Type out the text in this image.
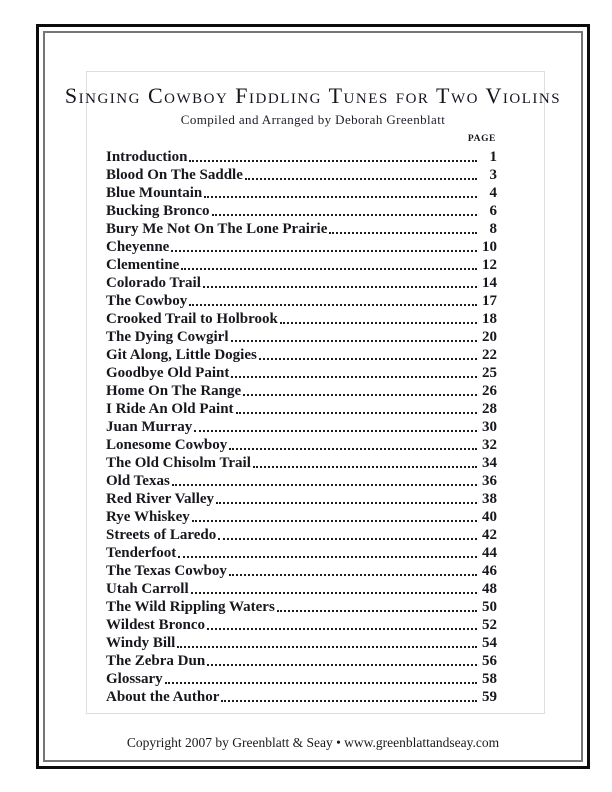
Singing Cowboy Fiddling Tunes for Two Violins
Compiled and Arranged by Deborah Greenblatt
PAGE
Introduction	1
Blood On The Saddle	3
Blue Mountain	4
Bucking Bronco	6
Bury Me Not On The Lone Prairie	8
Cheyenne	10
Clementine	12
Colorado Trail	14
The Cowboy	17
Crooked Trail to Holbrook	18
The Dying Cowgirl	20
Git Along, Little Dogies	22
Goodbye Old Paint	25
Home On The Range	26
I Ride An Old Paint	28
Juan Murray	30
Lonesome Cowboy	32
The Old Chisolm Trail	34
Old Texas	36
Red River Valley	38
Rye Whiskey	40
Streets of Laredo	42
Tenderfoot	44
The Texas Cowboy	46
Utah Carroll	48
The Wild Rippling Waters	50
Wildest Bronco	52
Windy Bill	54
The Zebra Dun	56
Glossary	58
About the Author	59
Copyright 2007 by Greenblatt & Seay • www.greenblattandseay.com
